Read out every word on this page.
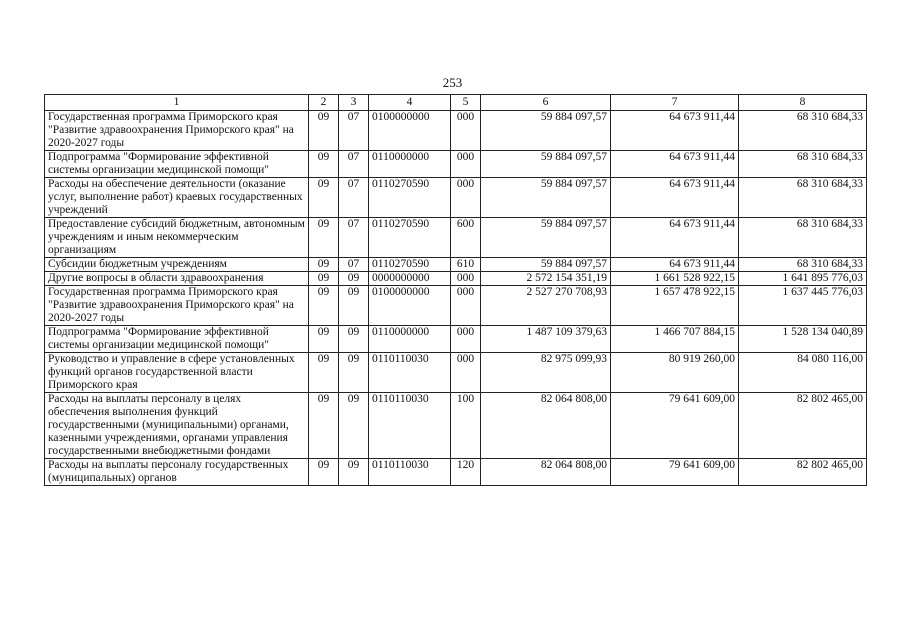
253
1	2	3	4	5	6	7	8
Государственная программа Приморского края "Развитие здравоохранения Приморского края" на 2020-2027 годы	09	07	0100000000	000	59 884 097,57	64 673 911,44	68 310 684,33
Подпрограмма "Формирование эффективной системы организации медицинской помощи"	09	07	0110000000	000	59 884 097,57	64 673 911,44	68 310 684,33
Расходы на обеспечение деятельности (оказание услуг, выполнение работ) краевых государственных учреждений	09	07	0110270590	000	59 884 097,57	64 673 911,44	68 310 684,33
Предоставление субсидий бюджетным, автономным учреждениям и иным некоммерческим организациям	09	07	0110270590	600	59 884 097,57	64 673 911,44	68 310 684,33
Субсидии бюджетным учреждениям	09	07	0110270590	610	59 884 097,57	64 673 911,44	68 310 684,33
Другие вопросы в области здравоохранения	09	09	0000000000	000	2 572 154 351,19	1 661 528 922,15	1 641 895 776,03
Государственная программа Приморского края "Развитие здравоохранения Приморского края" на 2020-2027 годы	09	09	0100000000	000	2 527 270 708,93	1 657 478 922,15	1 637 445 776,03
Подпрограмма "Формирование эффективной системы организации медицинской помощи"	09	09	0110000000	000	1 487 109 379,63	1 466 707 884,15	1 528 134 040,89
Руководство и управление в сфере установленных функций органов государственной власти Приморского края	09	09	0110110030	000	82 975 099,93	80 919 260,00	84 080 116,00
Расходы на выплаты персоналу в целях обеспечения выполнения функций государственными (муниципальными) органами, казенными учреждениями, органами управления государственными внебюджетными фондами	09	09	0110110030	100	82 064 808,00	79 641 609,00	82 802 465,00
Расходы на выплаты персоналу государственных (муниципальных) органов	09	09	0110110030	120	82 064 808,00	79 641 609,00	82 802 465,00
